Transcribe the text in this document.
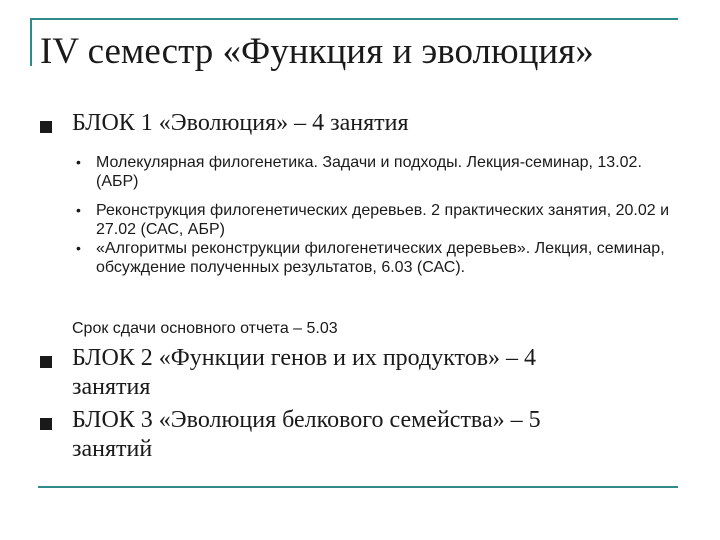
IV семестр «Функция и эволюция»
БЛОК 1 «Эволюция» – 4 занятия
• Молекулярная филогенетика. Задачи и подходы. Лекция-семинар, 13.02. (АБР)
• Реконструкция филогенетических деревьев. 2 практических занятия, 20.02 и 27.02 (САС, АБР)
• «Алгоритмы реконструкции филогенетических деревьев». Лекция, семинар, обсуждение полученных результатов, 6.03 (САС).
Срок сдачи основного отчета – 5.03
БЛОК 2 «Функции генов и их продуктов» – 4
занятия
БЛОК 3 «Эволюция белкового семейства» – 5
занятий
